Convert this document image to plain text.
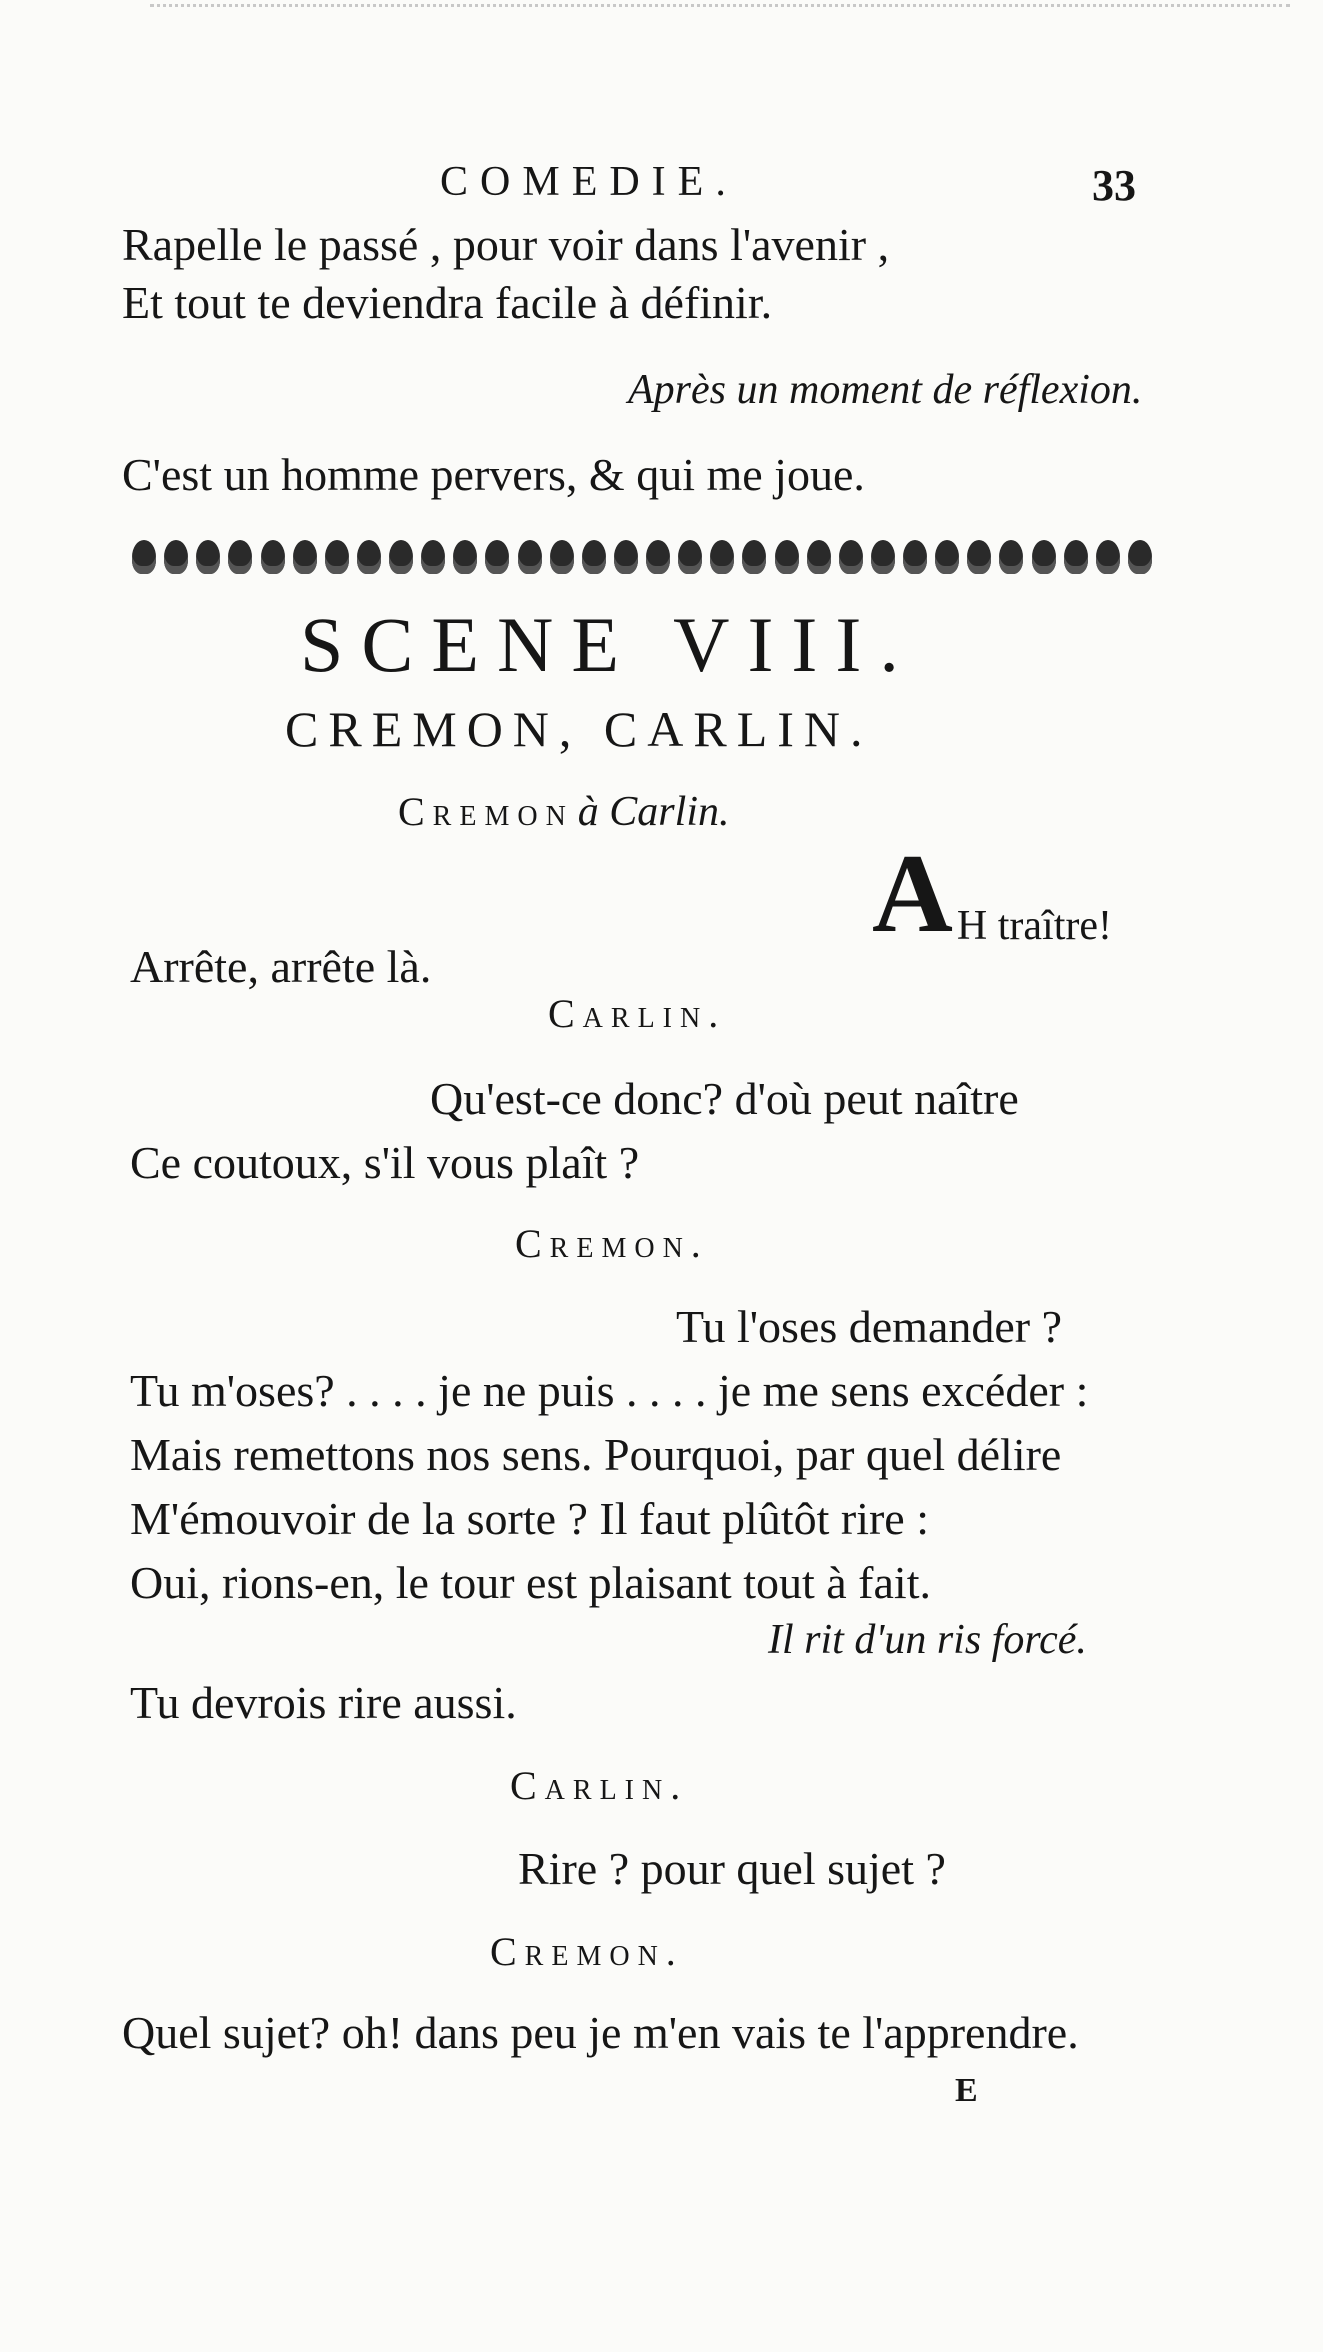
COMEDIE.	33
Rapelle le passé , pour voir dans l'avenir ,
Et tout te deviendra facile à définir.
Après un moment de réflexion.
C'est un homme pervers, & qui me joue.
SCENE VIII.
CREMON, CARLIN.
Cremon à Carlin.
AH traître!
Arrête, arrête là.
Carlin.
Qu'est-ce donc? d'où peut naître
Ce coutoux, s'il vous plaît ?
Cremon.
Tu l'oses demander ?
Tu m'oses? . . . . je ne puis . . . . je me sens excéder :
Mais remettons nos sens. Pourquoi, par quel délire
M'émouvoir de la sorte ? Il faut plûtôt rire :
Oui, rions-en, le tour est plaisant tout à fait.
Il rit d'un ris forcé.
Tu devrois rire aussi.
Carlin.
Rire ? pour quel sujet ?
Cremon.
Quel sujet? oh! dans peu je m'en vais te l'apprendre.
E
